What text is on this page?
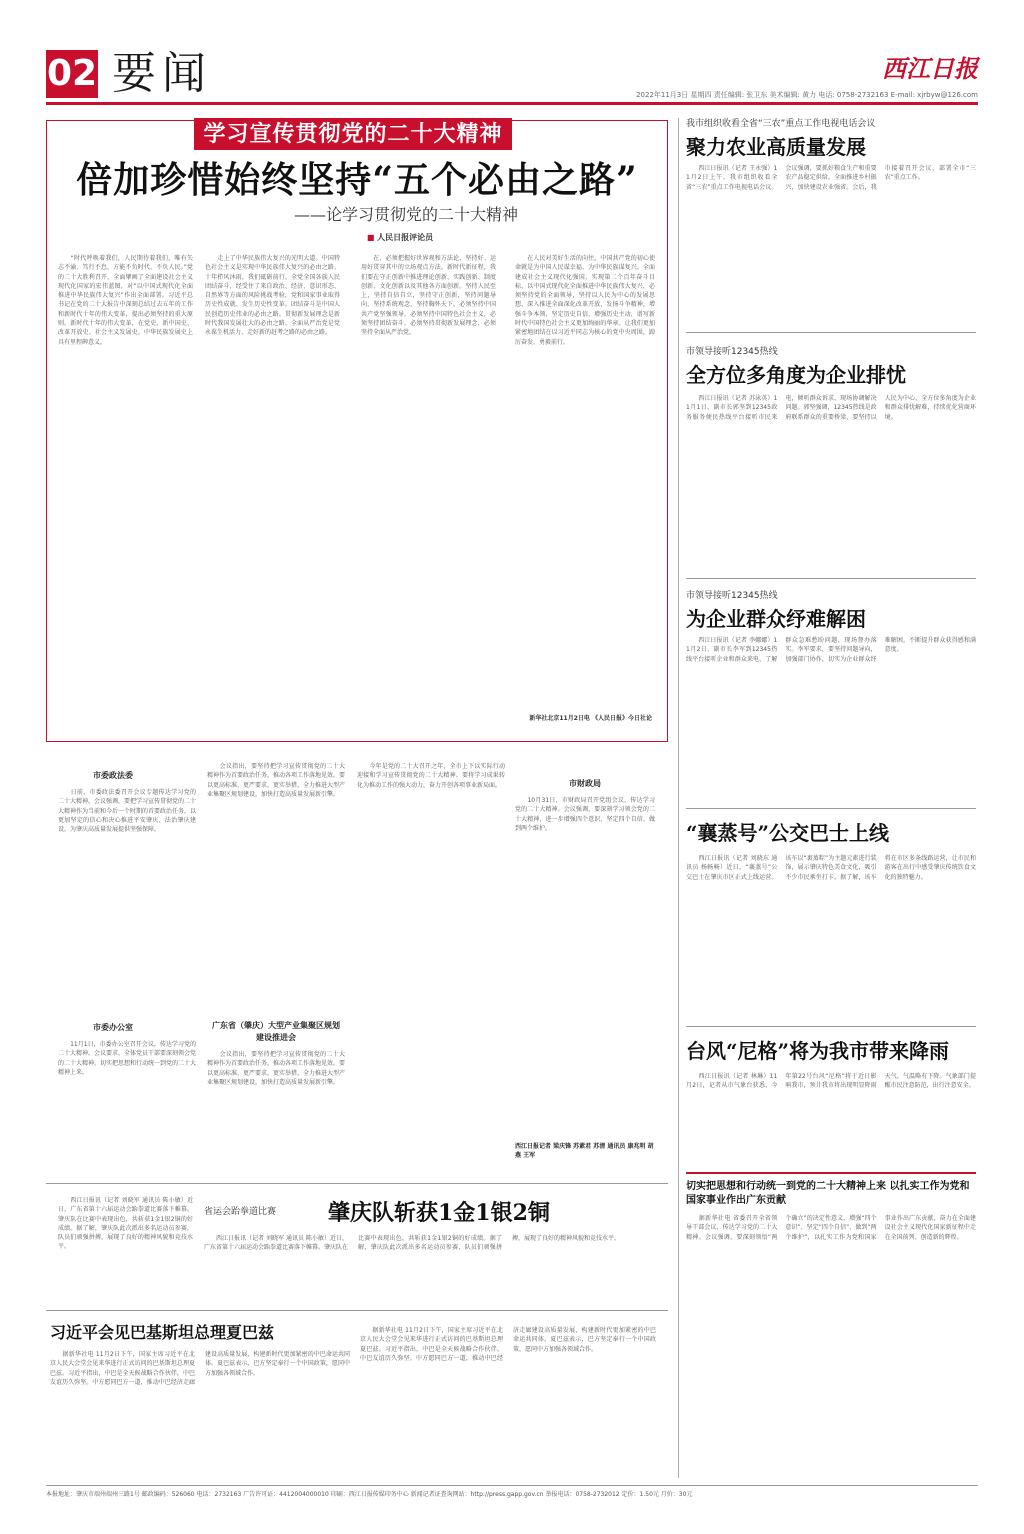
02 要闻	西江日报
2022年11月3日 星期四 责任编辑: 张卫东 美术编辑: 黄力 电话: 0758-2732163 E-mail: xjrbyw@126.com
学习宣传贯彻党的二十大精神
倍加珍惜始终坚持“五个必由之路”
——论学习贯彻党的二十大精神
■ 人民日报评论员
“时代呼唤着我们，人民期待着我们，唯有矢志不渝、笃行不怠，方能不负时代、不负人民。”党的二十大胜利召开，全面擘画了全面建设社会主义现代化国家的宏伟蓝图，对“以中国式现代化全面推进中华民族伟大复兴”作出全面部署。习近平总书记在党的二十大报告中深刻总结过去五年的工作和新时代十年的伟大变革，提出必须坚持的重大原则。新时代十年的伟大变革，在党史、新中国史、改革开放史、社会主义发展史、中华民族发展史上具有里程碑意义。
走上了中华民族伟大复兴的光明大道。中国特色社会主义是实现中华民族伟大复兴的必由之路。十年栉风沐雨，我们砥砺前行。全党全国各族人民团结奋斗，经受住了来自政治、经济、意识形态、自然界等方面的风险挑战考验，党和国家事业取得历史性成就、发生历史性变革。团结奋斗是中国人民创造历史伟业的必由之路。贯彻新发展理念是新时代我国发展壮大的必由之路。全面从严治党是党永葆生机活力、走好新的赶考之路的必由之路。
在，必须把握好世界观和方法论，坚持好、运用好贯穿其中的立场观点方法。新时代新征程，我们要在守正创新中推进理论创新、实践创新、制度创新、文化创新以及其他各方面创新。坚持人民至上，坚持自信自立，坚持守正创新，坚持问题导向，坚持系统观念，坚持胸怀天下。必须坚持中国共产党坚强领导，必须坚持中国特色社会主义，必须坚持团结奋斗，必须坚持贯彻新发展理念，必须坚持全面从严治党。
在人民对美好生活的向往，中国共产党的初心使命就是为中国人民谋幸福、为中华民族谋复兴。全面建成社会主义现代化强国，实现第二个百年奋斗目标，以中国式现代化全面推进中华民族伟大复兴，必须坚持党的全面领导，坚持以人民为中心的发展思想，深入推进全面深化改革开放，发扬斗争精神，增强斗争本领，坚定历史自信，增强历史主动，谱写新时代中国特色社会主义更加绚丽的华章。让我们更加紧密地团结在以习近平同志为核心的党中央周围，踔厉奋发、勇毅前行。
新华社北京11月2日电 《人民日报》今日社论
市委政法委
日前，市委政法委召开会议专题传达学习党的二十大精神。会议强调，要把学习宣传贯彻党的二十大精神作为当前和今后一个时期的首要政治任务，以更加坚定的信心和决心推进平安肇庆、法治肇庆建设，为肇庆高质量发展提供坚强保障。
市委办公室
11月1日，市委办公室召开会议，传达学习党的二十大精神。会议要求，全体党员干部要深刻领会党的二十大精神，切实把思想和行动统一到党的二十大精神上来。
会议指出，要坚持把学习宣传贯彻党的二十大精神作为首要政治任务，推动各项工作落地见效。要以更高标准、更严要求、更实举措，全力推进大型产业集聚区规划建设，加快打造高质量发展新引擎。
广东省（肇庆）大型产业集聚区规划建设推进会
会议指出，要坚持把学习宣传贯彻党的二十大精神作为首要政治任务，推动各项工作落地见效。要以更高标准、更严要求、更实举措，全力推进大型产业集聚区规划建设，加快打造高质量发展新引擎。
今年是党的二十大召开之年，全市上下以实际行动迎接和学习宣传贯彻党的二十大精神。要将学习成果转化为推动工作的强大动力，奋力开创各项事业新局面。	市财政局
10月31日，市财政局召开党组会议，传达学习党的二十大精神。会议强调，要深刻学习领会党的二十大精神，进一步增强四个意识、坚定四个自信、做到两个维护。
西江日报记者 梁庆锋 苏素君 苏清 通讯员 康兆明 胡燕 王军
西江日报讯（记者 刘晓军 通讯员 陈小敏）近日，广东省第十六届运动会跆拳道比赛落下帷幕。肇庆队在比赛中表现出色，共斩获1金1银2铜的好成绩。据了解，肇庆队此次派出多名运动员参赛，队员们顽强拼搏，展现了良好的精神风貌和竞技水平。
省运会跆拳道比赛	肇庆队斩获1金1银2铜
西江日报讯（记者 刘晓军 通讯员 陈小敏）近日，广东省第十六届运动会跆拳道比赛落下帷幕。肇庆队在比赛中表现出色，共斩获1金1银2铜的好成绩。据了解，肇庆队此次派出多名运动员参赛，队员们顽强拼搏，展现了良好的精神风貌和竞技水平。
习近平会见巴基斯坦总理夏巴兹
据新华社电 11月2日下午，国家主席习近平在北京人民大会堂会见来华进行正式访问的巴基斯坦总理夏巴兹。习近平指出，中巴是全天候战略合作伙伴，中巴友谊历久弥坚。中方愿同巴方一道，推动中巴经济走廊建设高质量发展，构建新时代更加紧密的中巴命运共同体。夏巴兹表示，巴方坚定奉行一个中国政策，愿同中方加强各领域合作。
据新华社电 11月2日下午，国家主席习近平在北京人民大会堂会见来华进行正式访问的巴基斯坦总理夏巴兹。习近平指出，中巴是全天候战略合作伙伴，中巴友谊历久弥坚。中方愿同巴方一道，推动中巴经济走廊建设高质量发展，构建新时代更加紧密的中巴命运共同体。夏巴兹表示，巴方坚定奉行一个中国政策，愿同中方加强各领域合作。
我市组织收看全省“三农”重点工作电视电话会议
聚力农业高质量发展
西江日报讯（记者 王永强）11月2日上午，我市组织收看全省“三农”重点工作电视电话会议。会议强调，要抓好粮食生产和重要农产品稳定供给，全面推进乡村振兴，加快建设农业强省。会后，我市接着召开会议，部署全市“三农”重点工作。
市领导接听12345热线
全方位多角度为企业排忧
西江日报讯（记者 苏泳英）11月1日，副市长郭坚到12345政务服务便民热线平台接听市民来电，倾听群众诉求，现场协调解决问题。郭坚强调，12345热线是政府联系群众的重要桥梁，要坚持以人民为中心，全方位多角度为企业和群众排忧解难，持续优化营商环境。
市领导接听12345热线
为企业群众纾难解困
西江日报讯（记者 李娜娜）11月2日，副市长李军到12345热线平台接听企业和群众来电，了解群众急难愁盼问题，现场督办落实。李军要求，要坚持问题导向，加强部门协作，切实为企业群众纾难解困，不断提升群众获得感和满意度。
“襄蒸号”公交巴士上线
西江日报讯（记者 刘晓东 通讯员 杨畅畅）近日，“襄蒸号”公交巴士在肇庆市区正式上线运营。该车以“裹蒸粽”为主题元素进行装饰，展示肇庆特色美食文化，吸引不少市民乘坐打卡。据了解，该车将在市区多条线路运营，让市民和游客在出行中感受肇庆传统饮食文化的独特魅力。
台风“尼格”将为我市带来降雨
西江日报讯（记者 林琳）11月2日，记者从市气象台获悉，今年第22号台风“尼格”将于近日影响我市，预计我市将出现明显降雨天气，气温略有下降。气象部门提醒市民注意防范，出行注意安全。
切实把思想和行动统一到党的二十大精神上来 以扎实工作为党和国家事业作出广东贡献
据新华社电 省委召开全省领导干部会议，传达学习党的二十大精神。会议强调，要深刻领悟“两个确立”的决定性意义，增强“四个意识”、坚定“四个自信”、做到“两个维护”，以扎实工作为党和国家事业作出广东贡献，奋力在全面建设社会主义现代化国家新征程中走在全国前列、创造新的辉煌。
本报地址：肇庆市端州端州三路1号 邮政编码：526060 电话：2732163 广告许可证：4412004000010 印刷：西江日报传媒印务中心 新闻记者证查询网站：http://press.gapp.gov.cn 举报电话：0758-2732012 定价：1.50元 月价：30元
